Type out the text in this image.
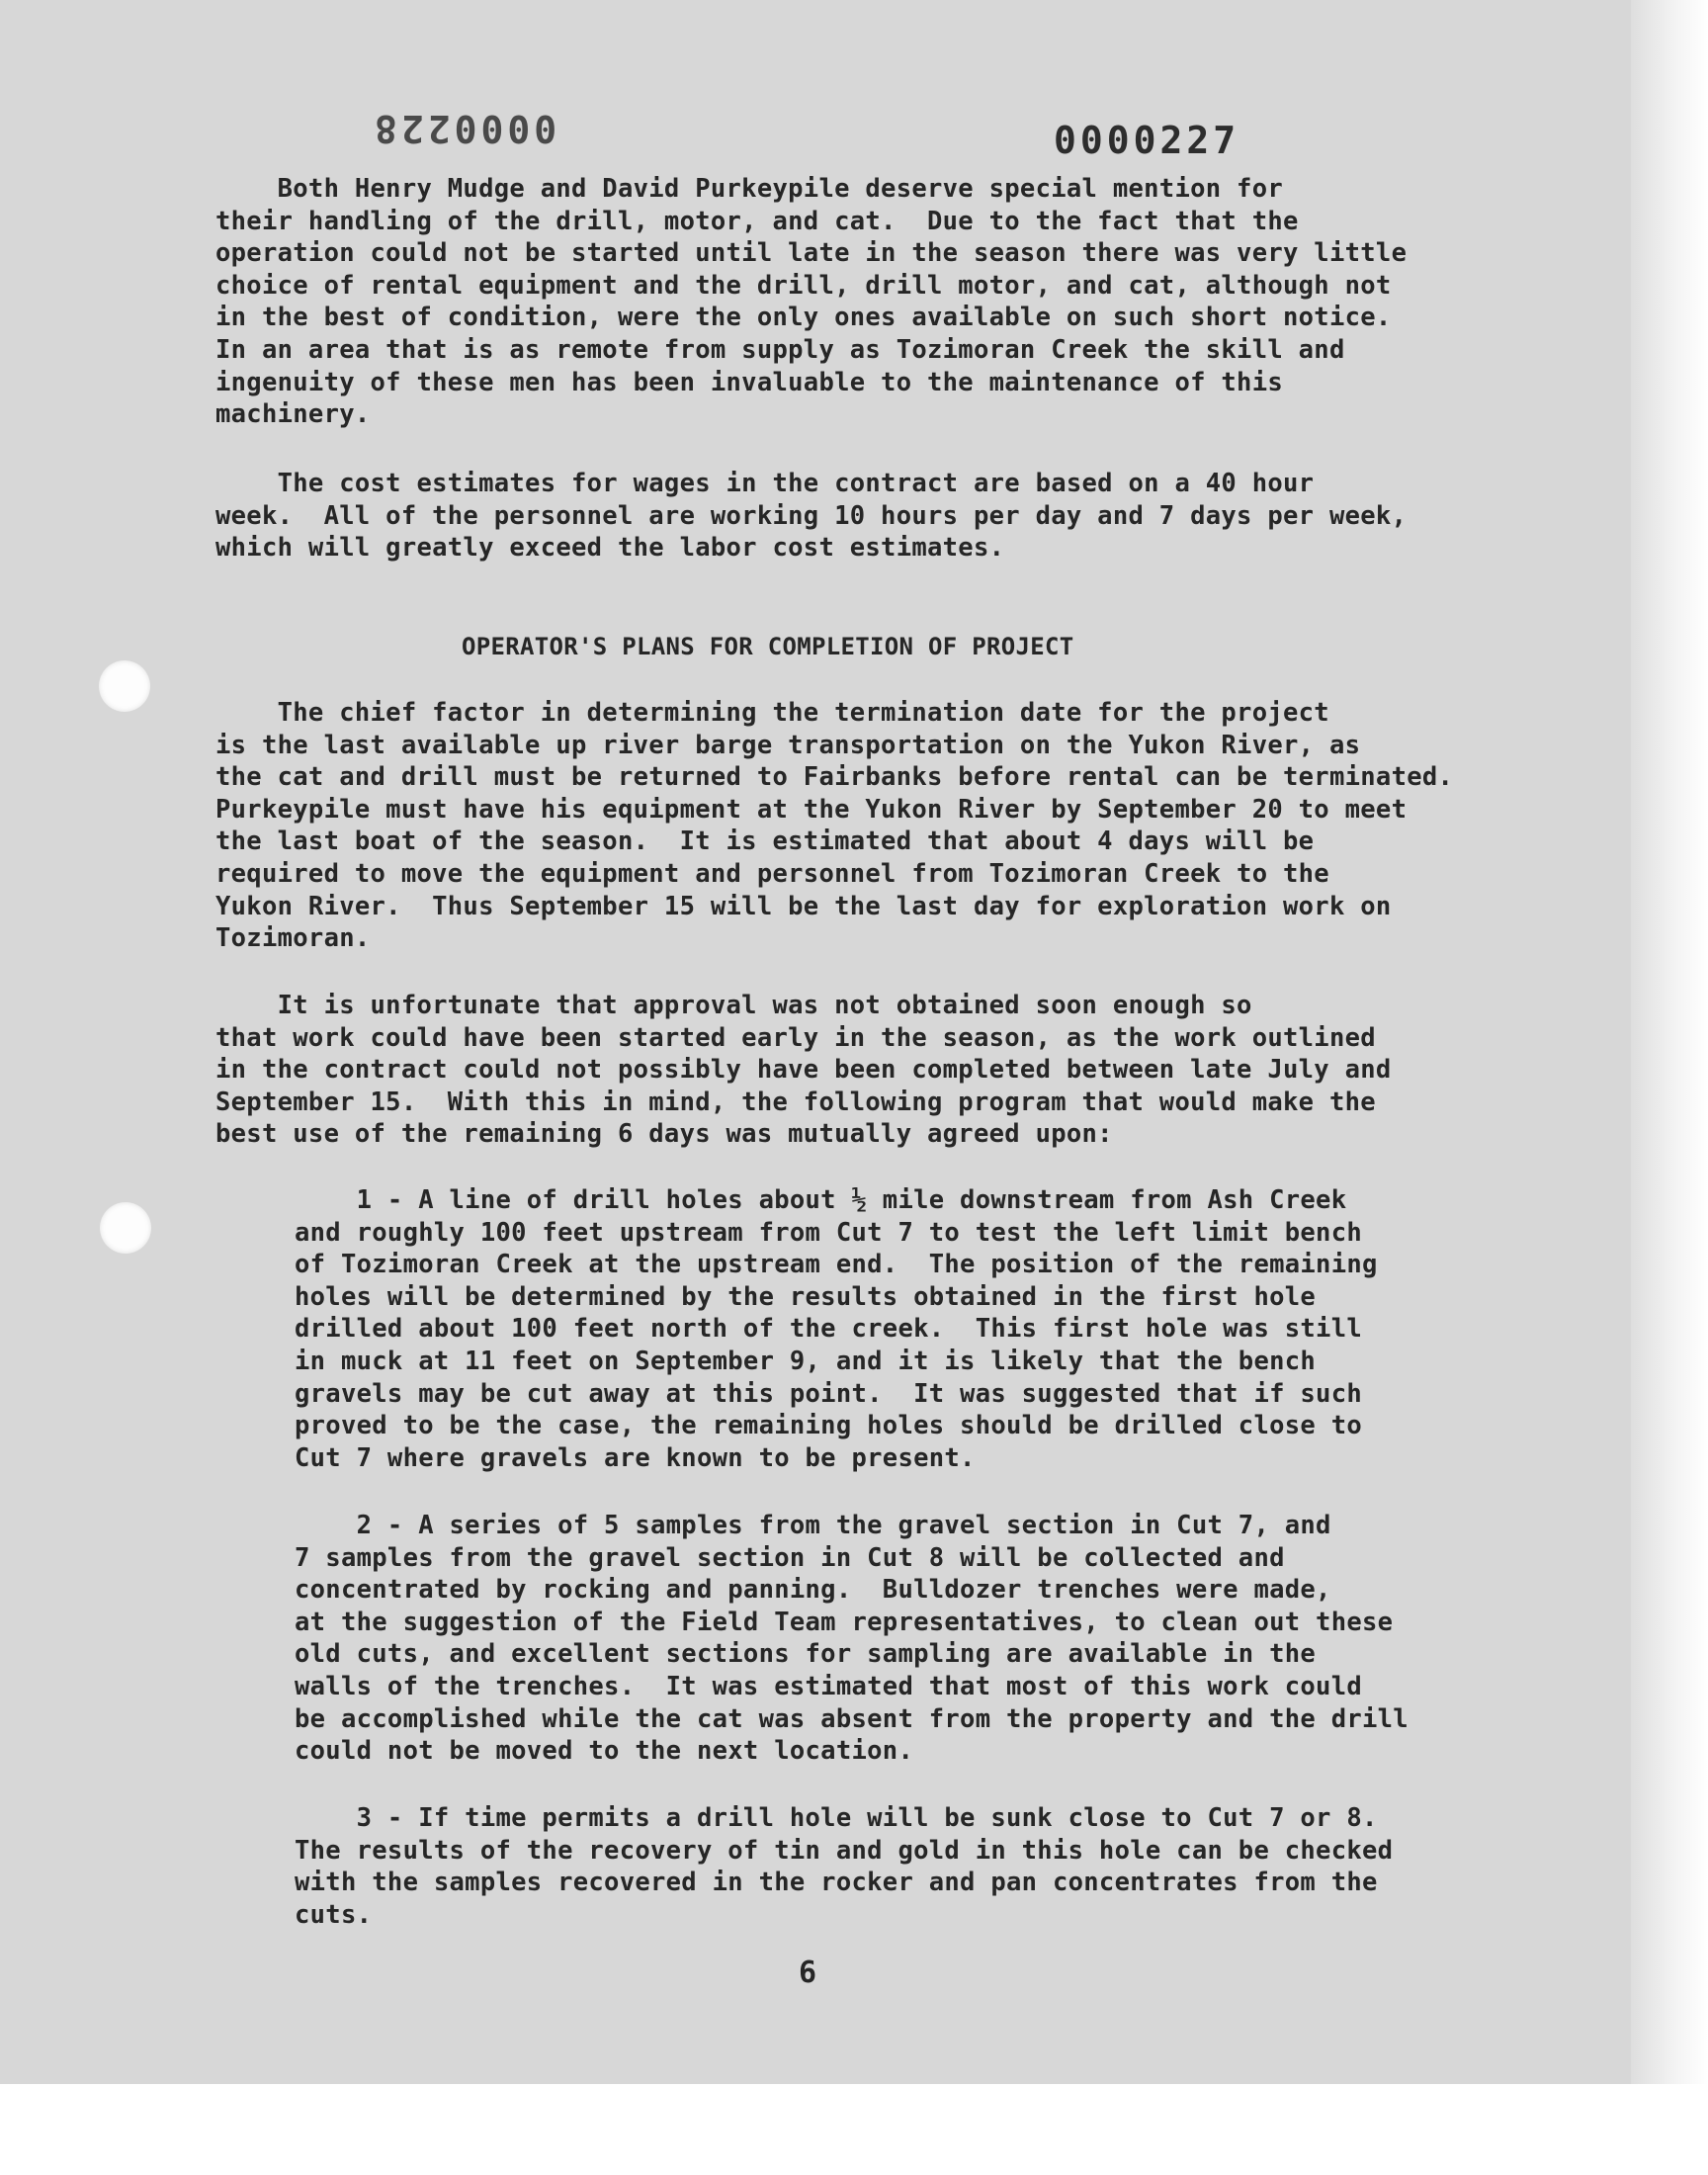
0000228	0000227

Both Henry Mudge and David Purkeypile deserve special mention for
their handling of the drill, motor, and cat.  Due to the fact that the
operation could not be started until late in the season there was very little
choice of rental equipment and the drill, drill motor, and cat, although not
in the best of condition, were the only ones available on such short notice.
In an area that is as remote from supply as Tozimoran Creek the skill and
ingenuity of these men has been invaluable to the maintenance of this
machinery.

The cost estimates for wages in the contract are based on a 40 hour
week.  All of the personnel are working 10 hours per day and 7 days per week,
which will greatly exceed the labor cost estimates.

OPERATOR'S PLANS FOR COMPLETION OF PROJECT

The chief factor in determining the termination date for the project
is the last available up river barge transportation on the Yukon River, as
the cat and drill must be returned to Fairbanks before rental can be terminated.
Purkeypile must have his equipment at the Yukon River by September 20 to meet
the last boat of the season.  It is estimated that about 4 days will be
required to move the equipment and personnel from Tozimoran Creek to the
Yukon River.  Thus September 15 will be the last day for exploration work on
Tozimoran.

It is unfortunate that approval was not obtained soon enough so
that work could have been started early in the season, as the work outlined
in the contract could not possibly have been completed between late July and
September 15.  With this in mind, the following program that would make the
best use of the remaining 6 days was mutually agreed upon:

1 - A line of drill holes about ½ mile downstream from Ash Creek
and roughly 100 feet upstream from Cut 7 to test the left limit bench
of Tozimoran Creek at the upstream end.  The position of the remaining
holes will be determined by the results obtained in the first hole
drilled about 100 feet north of the creek.  This first hole was still
in muck at 11 feet on September 9, and it is likely that the bench
gravels may be cut away at this point.  It was suggested that if such
proved to be the case, the remaining holes should be drilled close to
Cut 7 where gravels are known to be present.

2 - A series of 5 samples from the gravel section in Cut 7, and
7 samples from the gravel section in Cut 8 will be collected and
concentrated by rocking and panning.  Bulldozer trenches were made,
at the suggestion of the Field Team representatives, to clean out these
old cuts, and excellent sections for sampling are available in the
walls of the trenches.  It was estimated that most of this work could
be accomplished while the cat was absent from the property and the drill
could not be moved to the next location.

3 - If time permits a drill hole will be sunk close to Cut 7 or 8.
The results of the recovery of tin and gold in this hole can be checked
with the samples recovered in the rocker and pan concentrates from the
cuts.

6
